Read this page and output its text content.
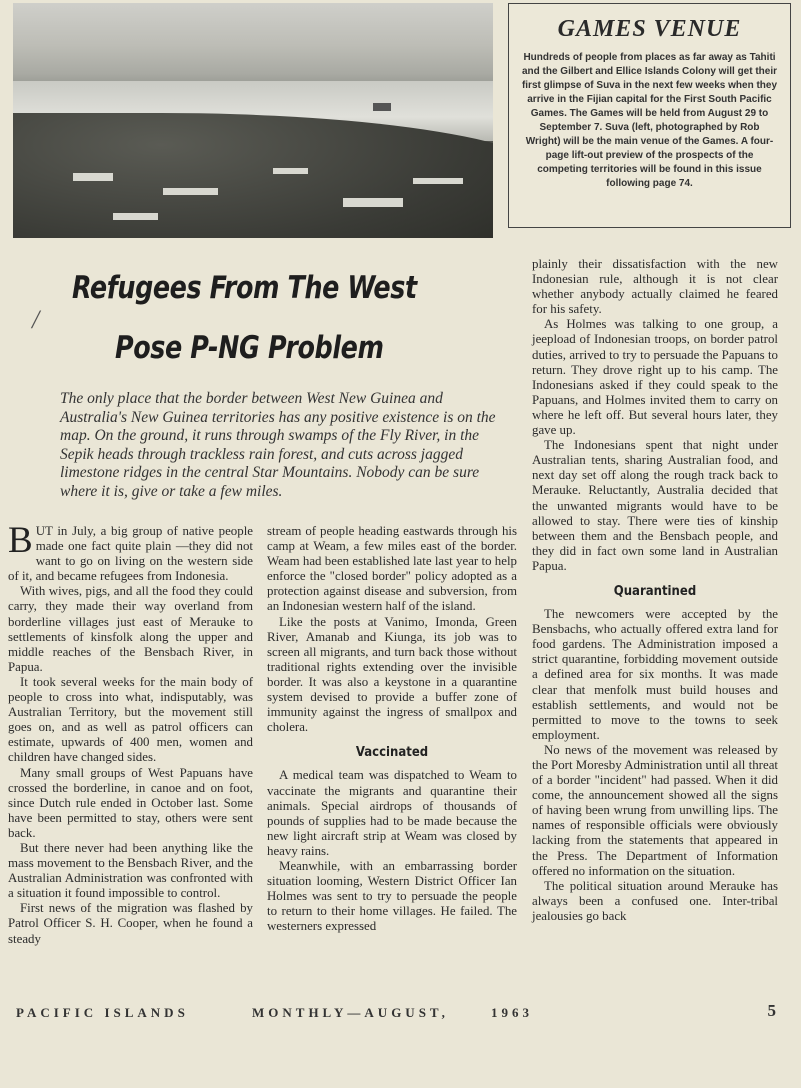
GAMES VENUE
Hundreds of people from places as far away as Tahiti and the Gilbert and Ellice Islands Colony will get their first glimpse of Suva in the next few weeks when they arrive in the Fijian capital for the First South Pacific Games. The Games will be held from August 29 to September 7. Suva (left, photographed by Rob Wright) will be the main venue of the Games. A four-page lift-out preview of the prospects of the competing territories will be found in this issue following page 74.
/
Refugees From The West
Pose P-NG Problem
The only place that the border between West New Guinea and Australia's New Guinea territories has any positive existence is on the map. On the ground, it runs through swamps of the Fly River, in the Sepik heads through trackless rain forest, and cuts across jagged limestone ridges in the central Star Mountains. Nobody can be sure where it is, give or take a few miles.

BUT in July, a big group of native people made one fact quite plain —they did not want to go on living on the western side of it, and became refugees from Indonesia.

With wives, pigs, and all the food they could carry, they made their way overland from borderline villages just east of Merauke to settlements of kinsfolk along the upper and middle reaches of the Bensbach River, in Papua.

It took several weeks for the main body of people to cross into what, indisputably, was Australian Territory, but the movement still goes on, and as well as patrol officers can estimate, upwards of 400 men, women and children have changed sides.

Many small groups of West Papuans have crossed the borderline, in canoe and on foot, since Dutch rule ended in October last. Some have been permitted to stay, others were sent back.

But there never had been anything like the mass movement to the Bensbach River, and the Australian Administration was confronted with a situation it found impossible to control.

First news of the migration was flashed by Patrol Officer S. H. Cooper, when he found a steady

stream of people heading eastwards through his camp at Weam, a few miles east of the border. Weam had been established late last year to help enforce the "closed border" policy adopted as a protection against disease and subversion, from an Indonesian western half of the island.

Like the posts at Vanimo, Imonda, Green River, Amanab and Kiunga, its job was to screen all migrants, and turn back those without traditional rights extending over the invisible border. It was also a keystone in a quarantine system devised to provide a buffer zone of immunity against the ingress of smallpox and cholera.

Vaccinated

A medical team was dispatched to Weam to vaccinate the migrants and quarantine their animals. Special airdrops of thousands of pounds of supplies had to be made because the new light aircraft strip at Weam was closed by heavy rains.

Meanwhile, with an embarrassing border situation looming, Western District Officer Ian Holmes was sent to try to persuade the people to return to their home villages. He failed. The westerners expressed

plainly their dissatisfaction with the new Indonesian rule, although it is not clear whether anybody actually claimed he feared for his safety.

As Holmes was talking to one group, a jeepload of Indonesian troops, on border patrol duties, arrived to try to persuade the Papuans to return. They drove right up to his camp. The Indonesians asked if they could speak to the Papuans, and Holmes invited them to carry on where he left off. But several hours later, they gave up.

The Indonesians spent that night under Australian tents, sharing Australian food, and next day set off along the rough track back to Merauke. Reluctantly, Australia decided that the unwanted migrants would have to be allowed to stay. There were ties of kinship between them and the Bensbach people, and they did in fact own some land in Australian Papua.

Quarantined

The newcomers were accepted by the Bensbachs, who actually offered extra land for food gardens. The Administration imposed a strict quarantine, forbidding movement outside a defined area for six months. It was made clear that menfolk must build houses and establish settlements, and would not be permitted to move to the towns to seek employment.

No news of the movement was released by the Port Moresby Administration until all threat of a border "incident" had passed. When it did come, the announcement showed all the signs of having been wrung from unwilling lips. The names of responsible officials were obviously lacking from the statements that appeared in the Press. The Department of Information offered no information on the situation.

The political situation around Merauke has always been a confused one. Inter-tribal jealousies go back

PACIFIC ISLANDS	MONTHLY—AUGUST,	1963	5
